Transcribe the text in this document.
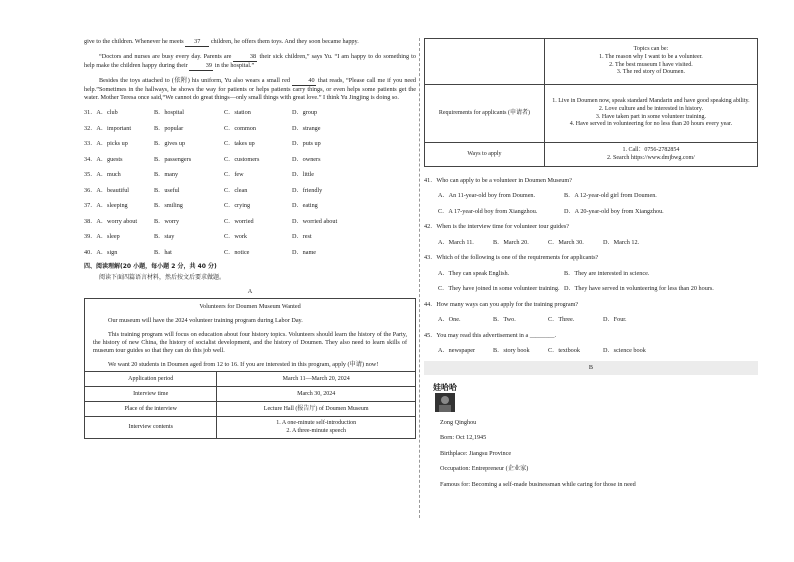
give to the children. Whenever he meets 37 children, he offers them toys. And they soon became happy.

“Doctors and nurses are busy every day. Parents are	38 their sick children,” says Yu. “I am happy to do something to help make the children happy during their	39 in the hospital.”

Besides the toys attached to (依附) his uniform, Yu also wears a small red	40 that reads, “Please call me if you need help.”Sometimes in the hallways, he shows the way for patients or helps patients carry things, or even helps some patients get the water. Mother Teresa once said,“We cannot do great things—only small things with great love.” I think Yu Jingjing is doing so.

31．A．club	B．hospital	C．station	D．group
32．A．important	B．popular	C．common	D．strange
33．A．picks up	B．gives up	C．takes up	D．puts up
34．A．guests	B．passengers	C．customers	D．owners
35．A．much	B．many	C．few	D．little
36．A．beautiful	B．useful	C．clean	D．friendly
37．A．sleeping	B．smiling	C．crying	D．eating
38．A．worry about	B．worry	C．worried	D．worried about
39．A．sleep	B．stay	C．work	D．rest
40．A．sign	B．hat	C．notice	D．name

四、阅读理解(20 小题，每小题 2 分，共 40 分)

阅读下面四篇语言材料，然后按文后要求做题。

A

Volunteers for Doumen Museum Wanted

Our museum will have the 2024 volunteer training program during Labor Day.

This training program will focus on education about four history topics. Volunteers should learn the history of the Party, the history of new China, the history of socialist development, and the history of Doumen. They also need to learn skills of museum tour guides so that they can do this job well.

We want 20 students in Doumen aged from 12 to 16. If you are interested in this program, apply (申请) now!

Application period	March 11—March 20, 2024
Interview time	March 30, 2024
Place of the interview	Lecture Hall (报告厅) of Doumen Museum
Interview contents	1. A one-minute self-introduction
2. A three-minute speech

	Topics can be:
1. The reason why I want to be a volunteer.
2. The best museum I have visited.
3. The red story of Doumen.

Requirements for applicants (申请者)	1. Live in Doumen now, speak standard Mandarin and have good speaking ability.
2. Love culture and be interested in history.
3. Have taken part in some volunteer training.
4. Have served in volunteering for no less than 20 hours every year.

Ways to apply	1. Call：0756-2782854
2. Search https://www.dmjbwg.com/
41．Who can apply to be a volunteer in Doumen Museum?
A．An 11-year-old boy from Doumen.	B．A 12-year-old girl from Doumen.
C．A 17-year-old boy from Xiangzhou.	D．A 20-year-old boy from Xiangzhou.
42．When is the interview time for volunteer tour guides?
A．March 11.	B．March 20.	C．March 30.	D．March 12.
43．Which of the following is one of the requirements for applicants?
A．They can speak English.	B．They are interested in science.
C．They have joined in some volunteer training. D．They have served in volunteering for less than 20 hours.
44．How many ways can you apply for the training program?
A．One.	B．Two.	C．Three.	D．Four.
45．You may read this advertisement in a ________.
A．newspaper	B．story book	C．textbook	D．science book
B
娃哈哈

Zong Qinghou

Born: Oct 12,1945

Birthplace: Jiangsu Province

Occupation: Entrepreneur (企业家)

Famous for: Becoming a self-made businessman while caring for those in need
